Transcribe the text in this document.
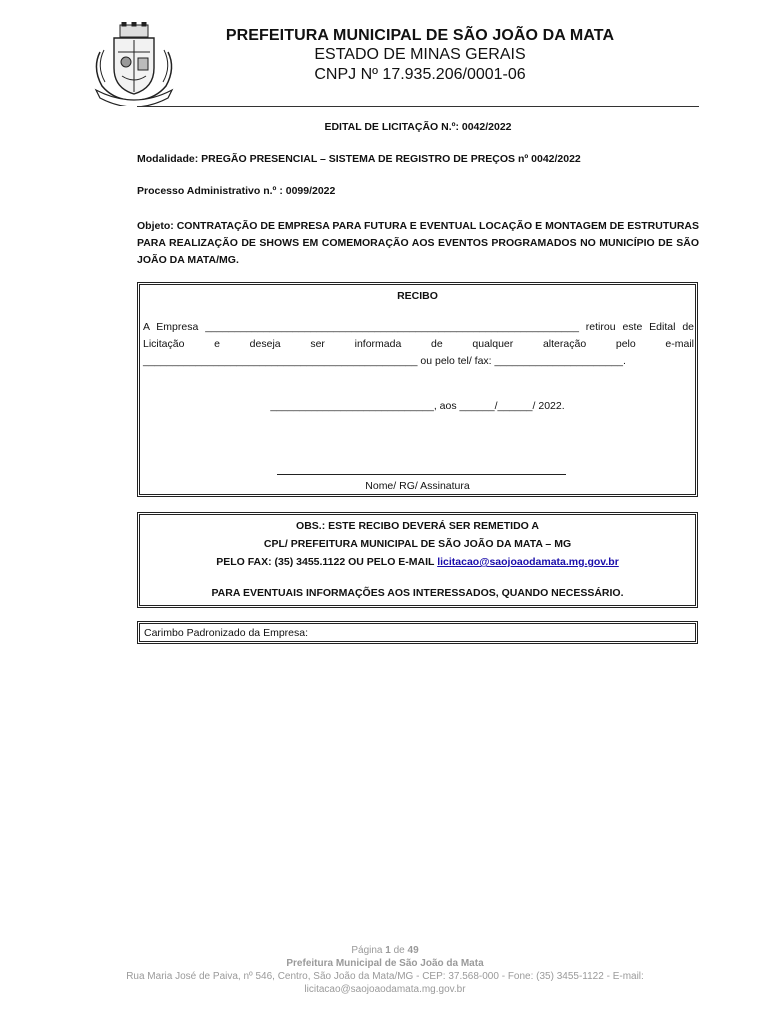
PREFEITURA MUNICIPAL DE SÃO JOÃO DA MATA
ESTADO DE MINAS GERAIS
CNPJ Nº 17.935.206/0001-06
EDITAL DE LICITAÇÃO N.º: 0042/2022
Modalidade: PREGÃO PRESENCIAL – SISTEMA DE REGISTRO DE PREÇOS nº 0042/2022
Processo Administrativo n.º : 0099/2022
Objeto: CONTRATAÇÃO DE EMPRESA PARA FUTURA E EVENTUAL LOCAÇÃO E MONTAGEM DE ESTRUTURAS PARA REALIZAÇÃO DE SHOWS EM COMEMORAÇÃO AOS EVENTOS PROGRAMADOS NO MUNICÍPIO DE SÃO JOÃO DA MATA/MG.
RECIBO
A Empresa ________________________________________________________________ retirou este Edital de Licitação e deseja ser informada de qualquer alteração pelo e-mail _______________________________________________ ou pelo tel/ fax: ______________________.
____________________________, aos ______/______/ 2022.
Nome/ RG/ Assinatura
OBS.: ESTE RECIBO DEVERÁ SER REMETIDO A
CPL/ PREFEITURA MUNICIPAL DE SÃO JOÃO DA MATA – MG
PELO FAX: (35) 3455.1122 OU PELO E-MAIL licitacao@saojoaodamata.mg.gov.br
PARA EVENTUAIS INFORMAÇÕES AOS INTERESSADOS, QUANDO NECESSÁRIO.
Carimbo Padronizado da Empresa:
Página 1 de 49
Prefeitura Municipal de São João da Mata
Rua Maria José de Paiva, nº 546, Centro, São João da Mata/MG - CEP: 37.568-000 - Fone: (35) 3455-1122 - E-mail:
licitacao@saojoaodamata.mg.gov.br
